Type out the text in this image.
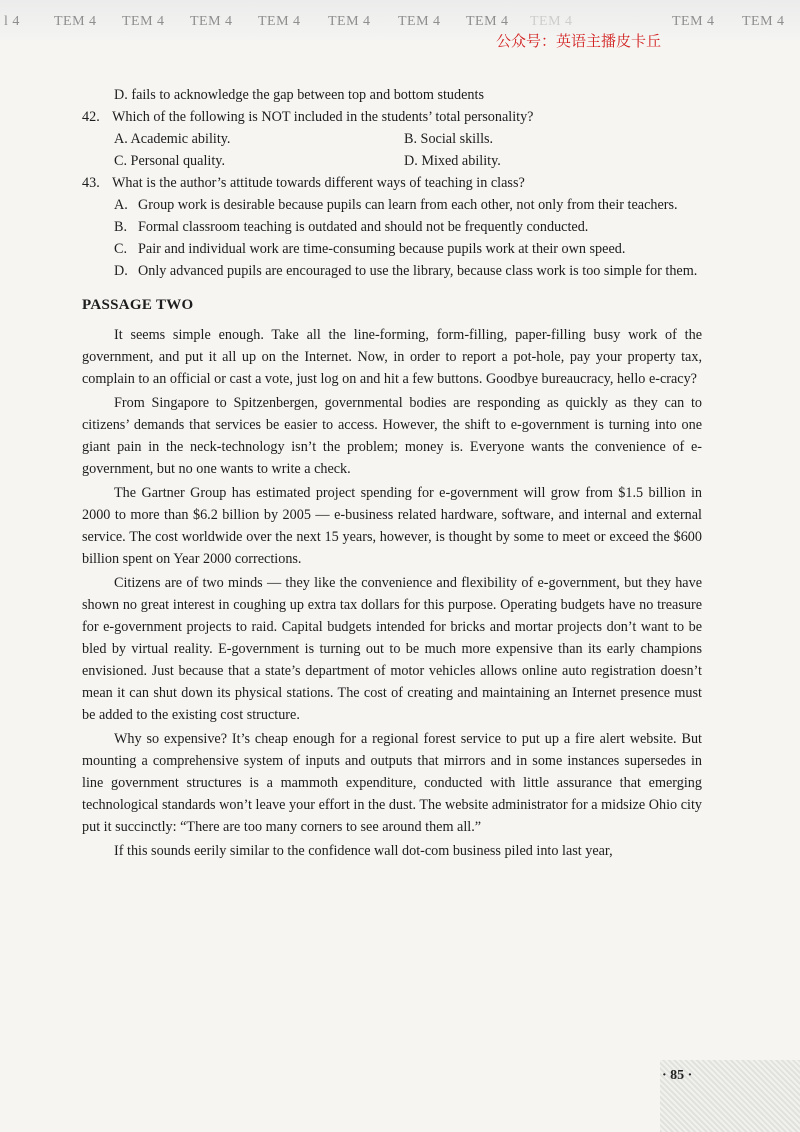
l 4 TEM 4 TEM 4 TEM 4 TEM 4 TEM 4 TEM 4 TEM 4 TEM 4	TEM 4 TEM 4
公众号：英语主播皮卡丘

D. fails to acknowledge the gap between top and bottom students

42. Which of the following is NOT included in the students’ total personality?

A. Academic ability.	B. Social skills.
C. Personal quality.	D. Mixed ability.

43. What is the author’s attitude towards different ways of teaching in class?

A. Group work is desirable because pupils can learn from each other, not only from their teachers.
B. Formal classroom teaching is outdated and should not be frequently conducted.
C. Pair and individual work are time-consuming because pupils work at their own speed.
D. Only advanced pupils are encouraged to use the library, because class work is too simple for them.
PASSAGE TWO

It seems simple enough. Take all the line-forming, form-filling, paper-filling busy work of the government, and put it all up on the Internet. Now, in order to report a pot-hole, pay your property tax, complain to an official or cast a vote, just log on and hit a few buttons. Goodbye bureaucracy, hello e-cracy?

From Singapore to Spitzenbergen, governmental bodies are responding as quickly as they can to citizens’ demands that services be easier to access. However, the shift to e-government is turning into one giant pain in the neck-technology isn’t the problem; money is. Everyone wants the convenience of e-government, but no one wants to write a check.

The Gartner Group has estimated project spending for e-government will grow from $1.5 billion in 2000 to more than $6.2 billion by 2005 — e-business related hardware, software, and internal and external service. The cost worldwide over the next 15 years, however, is thought by some to meet or exceed the $600 billion spent on Year 2000 corrections.

Citizens are of two minds — they like the convenience and flexibility of e-government, but they have shown no great interest in coughing up extra tax dollars for this purpose. Operating budgets have no treasure for e-government projects to raid. Capital budgets intended for bricks and mortar projects don’t want to be bled by virtual reality. E-government is turning out to be much more expensive than its early champions envisioned. Just because that a state’s department of motor vehicles allows online auto registration doesn’t mean it can shut down its physical stations. The cost of creating and maintaining an Internet presence must be added to the existing cost structure.

Why so expensive? It’s cheap enough for a regional forest service to put up a fire alert website. But mounting a comprehensive system of inputs and outputs that mirrors and in some instances supersedes in line government structures is a mammoth expenditure, conducted with little assurance that emerging technological standards won’t leave your effort in the dust. The website administrator for a midsize Ohio city put it succinctly: “There are too many corners to see around them all.”

If this sounds eerily similar to the confidence wall dot-com business piled into last year,

· 85 ·
